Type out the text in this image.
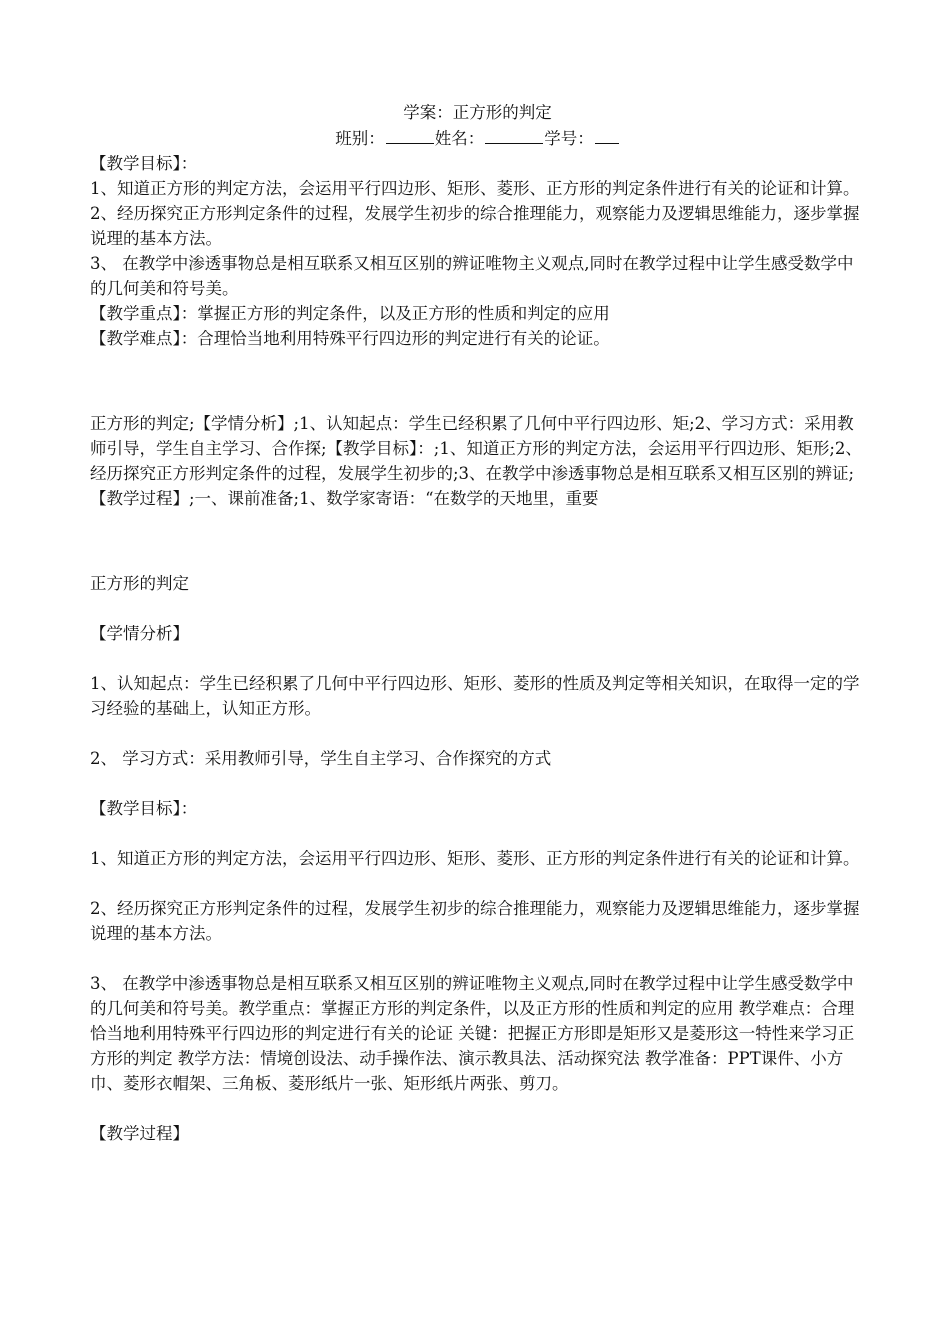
学案：正方形的判定

班别：	姓名：	学号：

【教学目标】：

1、知道正方形的判定方法，会运用平行四边形、矩形、菱形、正方形的判定条件进行有关的论证和计算。

2、经历探究正方形判定条件的过程，发展学生初步的综合推理能力，观察能力及逻辑思维能力，逐步掌握说理的基本方法。

3、 在教学中渗透事物总是相互联系又相互区别的辨证唯物主义观点,同时在教学过程中让学生感受数学中的几何美和符号美。

【教学重点】：掌握正方形的判定条件，以及正方形的性质和判定的应用

【教学难点】：合理恰当地利用特殊平行四边形的判定进行有关的论证。

正方形的判定;【学情分析】;1、认知起点：学生已经积累了几何中平行四边形、矩;2、学习方式：采用教师引导，学生自主学习、合作探;【教学目标】：;1、知道正方形的判定方法，会运用平行四边形、矩形;2、经历探究正方形判定条件的过程，发展学生初步的;3、在教学中渗透事物总是相互联系又相互区别的辨证;【教学过程】;一、课前准备;1、数学家寄语：“在数学的天地里，重要

正方形的判定

【学情分析】

1、认知起点：学生已经积累了几何中平行四边形、矩形、菱形的性质及判定等相关知识，在取得一定的学习经验的基础上，认知正方形。

2、 学习方式：采用教师引导，学生自主学习、合作探究的方式

【教学目标】：

1、知道正方形的判定方法，会运用平行四边形、矩形、菱形、正方形的判定条件进行有关的论证和计算。

2、经历探究正方形判定条件的过程，发展学生初步的综合推理能力，观察能力及逻辑思维能力，逐步掌握说理的基本方法。

3、 在教学中渗透事物总是相互联系又相互区别的辨证唯物主义观点,同时在教学过程中让学生感受数学中的几何美和符号美。教学重点：掌握正方形的判定条件，以及正方形的性质和判定的应用 教学难点：合理恰当地利用特殊平行四边形的判定进行有关的论证 关键：把握正方形即是矩形又是菱形这一特性来学习正方形的判定 教学方法：情境创设法、动手操作法、演示教具法、活动探究法 教学准备：PPT课件、小方巾、菱形衣帽架、三角板、菱形纸片一张、矩形纸片两张、剪刀。

【教学过程】
